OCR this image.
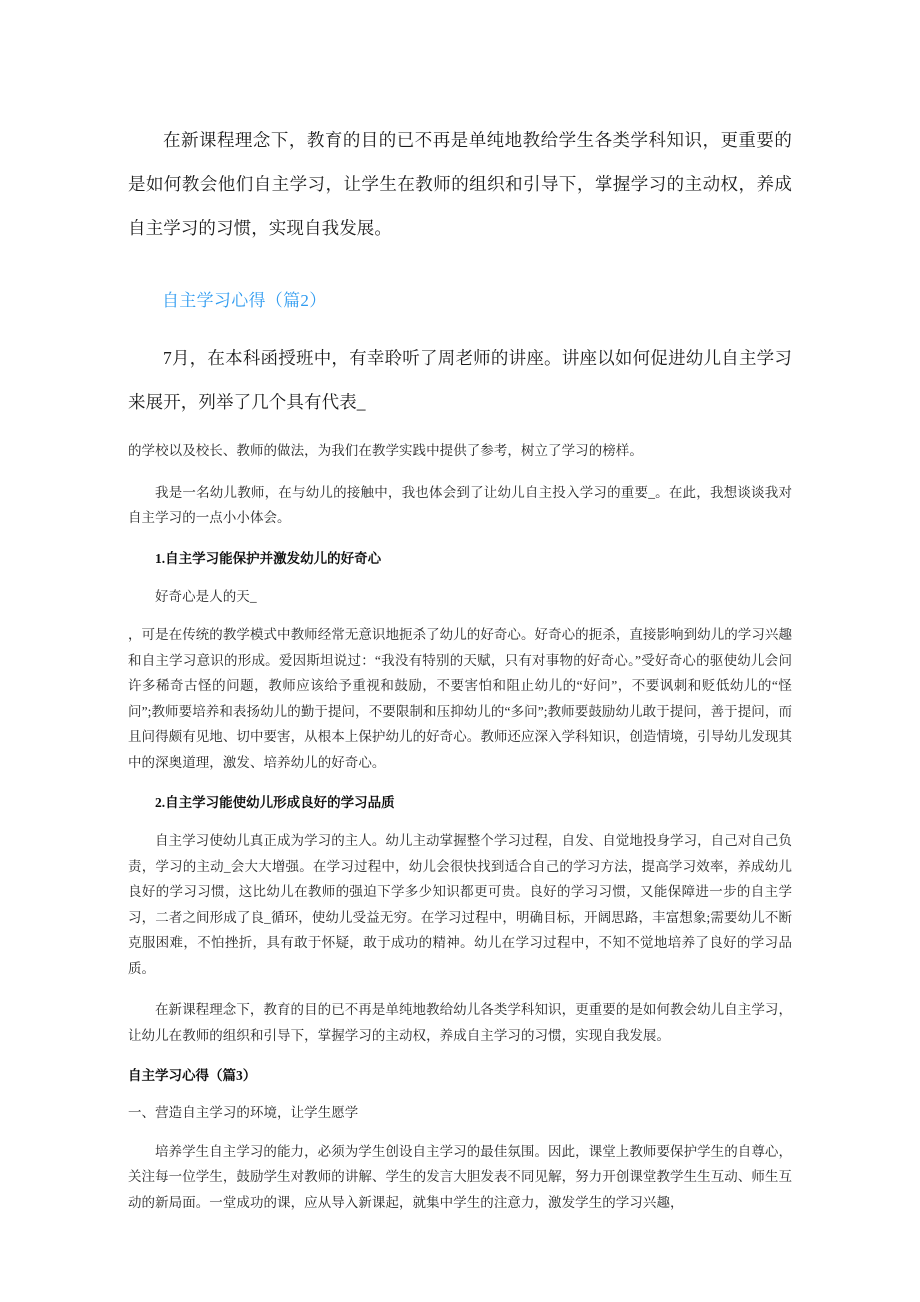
在新课程理念下，教育的目的已不再是单纯地教给学生各类学科知识，更重要的是如何教会他们自主学习，让学生在教师的组织和引导下，掌握学习的主动权，养成自主学习的习惯，实现自我发展。

自主学习心得（篇2）

7月，在本科函授班中，有幸聆听了周老师的讲座。讲座以如何促进幼儿自主学习来展开，列举了几个具有代表_

的学校以及校长、教师的做法，为我们在教学实践中提供了参考，树立了学习的榜样。

我是一名幼儿教师，在与幼儿的接触中，我也体会到了让幼儿自主投入学习的重要_。在此，我想谈谈我对自主学习的一点小小体会。

1.自主学习能保护并激发幼儿的好奇心

好奇心是人的天_

，可是在传统的教学模式中教师经常无意识地扼杀了幼儿的好奇心。好奇心的扼杀，直接影响到幼儿的学习兴趣和自主学习意识的形成。爱因斯坦说过：“我没有特别的天赋，只有对事物的好奇心。”受好奇心的驱使幼儿会问许多稀奇古怪的问题，教师应该给予重视和鼓励，不要害怕和阻止幼儿的“好问”，不要讽刺和贬低幼儿的“怪问”;教师要培养和表扬幼儿的勤于提问，不要限制和压抑幼儿的“多问”;教师要鼓励幼儿敢于提问，善于提问，而且问得颇有见地、切中要害，从根本上保护幼儿的好奇心。教师还应深入学科知识，创造情境，引导幼儿发现其中的深奥道理，激发、培养幼儿的好奇心。

2.自主学习能使幼儿形成良好的学习品质

自主学习使幼儿真正成为学习的主人。幼儿主动掌握整个学习过程，自发、自觉地投身学习，自己对自己负责，学习的主动_会大大增强。在学习过程中，幼儿会很快找到适合自己的学习方法，提高学习效率，养成幼儿良好的学习习惯，这比幼儿在教师的强迫下学多少知识都更可贵。良好的学习习惯，又能保障进一步的自主学习，二者之间形成了良_循环，使幼儿受益无穷。在学习过程中，明确目标，开阔思路，丰富想象;需要幼儿不断克服困难，不怕挫折，具有敢于怀疑，敢于成功的精神。幼儿在学习过程中，不知不觉地培养了良好的学习品质。

在新课程理念下，教育的目的已不再是单纯地教给幼儿各类学科知识，更重要的是如何教会幼儿自主学习，让幼儿在教师的组织和引导下，掌握学习的主动权，养成自主学习的习惯，实现自我发展。

自主学习心得（篇3）

一、营造自主学习的环境，让学生愿学

培养学生自主学习的能力，必须为学生创设自主学习的最佳氛围。因此，课堂上教师要保护学生的自尊心，关注每一位学生，鼓励学生对教师的讲解、学生的发言大胆发表不同见解，努力开创课堂教学生生互动、师生互动的新局面。一堂成功的课，应从导入新课起，就集中学生的注意力，激发学生的学习兴趣，
